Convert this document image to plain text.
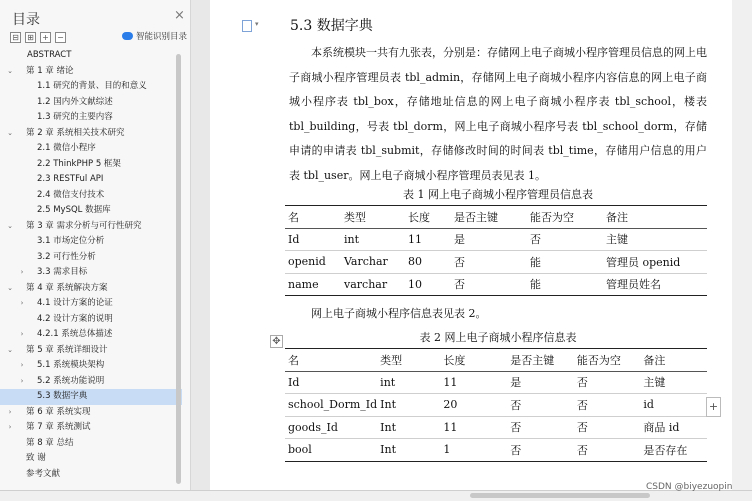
目录	×
⊟ ⊞ + −	智能识别目录
ABSTRACT
⌄ 第 1 章 绪论
1.1 研究的背景、目的和意义
1.2 国内外文献综述
1.3 研究的主要内容
⌄ 第 2 章 系统相关技术研究
2.1 微信小程序
2.2 ThinkPHP 5 框架
2.3 RESTFul API
2.4 微信支付技术
2.5 MySQL 数据库
⌄ 第 3 章 需求分析与可行性研究
3.1 市场定位分析
3.2 可行性分析
›	3.3 需求目标
⌄ 第 4 章 系统解决方案
›	4.1 设计方案的论证
4.2 设计方案的说明
›	4.2.1 系统总体描述
⌄ 第 5 章 系统详细设计
›	5.1 系统模块架构
›	5.2 系统功能说明
5.3 数据字典
›	第 6 章 系统实现
›	第 7 章 系统测试
第 8 章 总结
致 谢
参考文献
▾ 5.3 数据字典
本系统模块一共有九张表，分别是：存储网上电子商城小程序管理员信息的网上电子商城小程序管理员表 tbl_admin，存储网上电子商城小程序内容信息的网上电子商城小程序表 tbl_box，存储地址信息的网上电子商城小程序表 tbl_school，楼表 tbl_building，号表 tbl_dorm，网上电子商城小程序号表 tbl_school_dorm，存储申请的申请表 tbl_submit，存储修改时间的时间表 tbl_time，存储用户信息的用户表 tbl_user。网上电子商城小程序管理员表见表 1。
表 1 网上电子商城小程序管理员信息表
名	类型	长度	是否主键	能否为空	备注
Id	int	11	是	否	主键
openid	Varchar	80	否	能	管理员 openid
name	varchar	10	否	能	管理员姓名
网上电子商城小程序信息表见表 2。
表 2 网上电子商城小程序信息表
名	类型	长度	是否主键	能否为空	备注
Id	int	11	是	否	主键
school_Dorm_Id	Int	20	否	否	id
goods_Id	Int	11	否	否	商品 id
bool	Int	1	否	否	是否存在
✥
+
CSDN @biyezuopin
